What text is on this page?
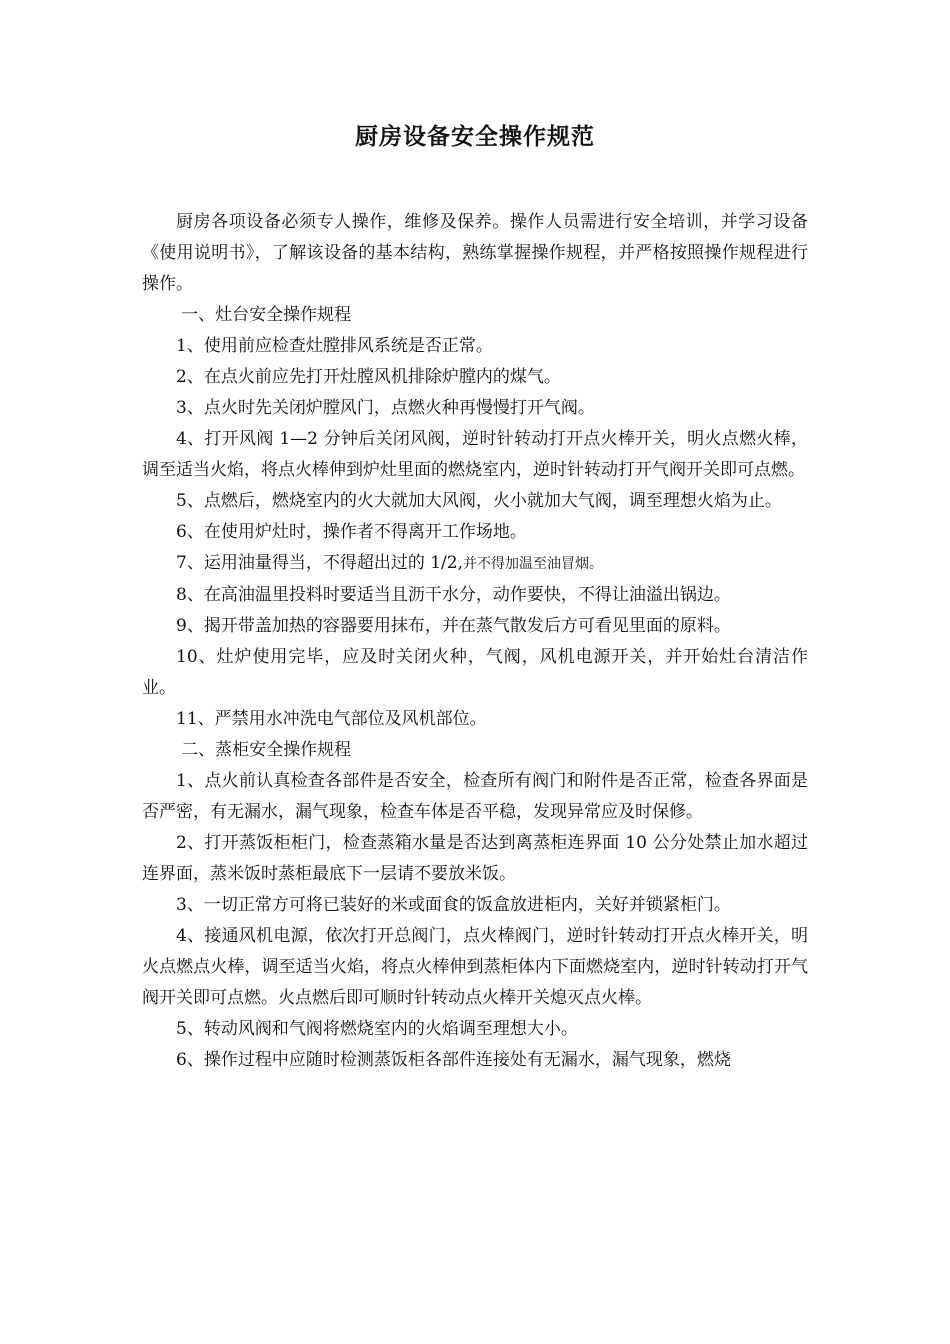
厨房设备安全操作规范

厨房各项设备必须专人操作，维修及保养。操作人员需进行安全培训，并学习设备《使用说明书》，了解该设备的基本结构，熟练掌握操作规程，并严格按照操作规程进行操作。

一、灶台安全操作规程

1、使用前应检查灶膛排风系统是否正常。

2、在点火前应先打开灶膛风机排除炉膛内的煤气。

3、点火时先关闭炉膛风门，点燃火种再慢慢打开气阀。

4、打开风阀 1—2 分钟后关闭风阀，逆时针转动打开点火棒开关，明火点燃火棒，调至适当火焰，将点火棒伸到炉灶里面的燃烧室内，逆时针转动打开气阀开关即可点燃。

5、点燃后，燃烧室内的火大就加大风阀，火小就加大气阀，调至理想火焰为止。

6、在使用炉灶时，操作者不得离开工作场地。

7、运用油量得当，不得超出过的 1/2,并不得加温至油冒烟。

8、在高油温里投料时要适当且沥干水分，动作要快，不得让油溢出锅边。

9、揭开带盖加热的容器要用抹布，并在蒸气散发后方可看见里面的原料。

10、灶炉使用完毕，应及时关闭火种，气阀，风机电源开关，并开始灶台清洁作业。

11、严禁用水冲洗电气部位及风机部位。

二、蒸柜安全操作规程

1、点火前认真检查各部件是否安全，检查所有阀门和附件是否正常，检查各界面是否严密，有无漏水，漏气现象，检查车体是否平稳，发现异常应及时保修。

2、打开蒸饭柜柜门，检查蒸箱水量是否达到离蒸柜连界面 10 公分处禁止加水超过连界面，蒸米饭时蒸柜最底下一层请不要放米饭。

3、一切正常方可将已装好的米或面食的饭盒放进柜内，关好并锁紧柜门。

4、接通风机电源，依次打开总阀门，点火棒阀门，逆时针转动打开点火棒开关，明火点燃点火棒，调至适当火焰，将点火棒伸到蒸柜体内下面燃烧室内，逆时针转动打开气阀开关即可点燃。火点燃后即可顺时针转动点火棒开关熄灭点火棒。

5、转动风阀和气阀将燃烧室内的火焰调至理想大小。

6、操作过程中应随时检测蒸饭柜各部件连接处有无漏水，漏气现象，燃烧
